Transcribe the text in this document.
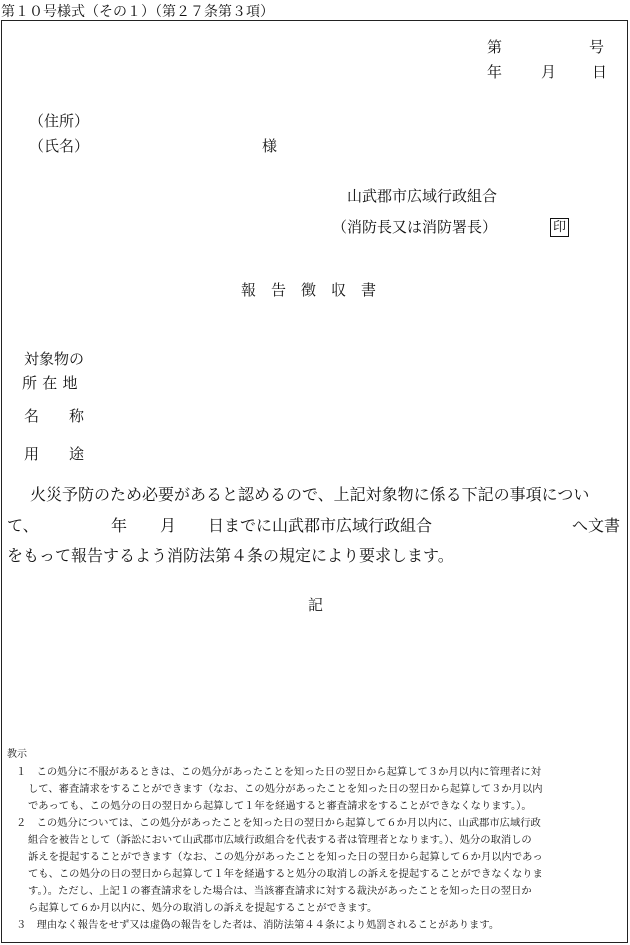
第１０号様式（その１）（第２７条第３項）
第	号
年	月 日
（住所）
（氏名）	様
山武郡市広域行政組合
（消防長又は消防署長）	印
報告徴収書
対象物の
所在地
名称
用途
火災予防のため必要があると認めるので、上記対象物に係る下記の事項につい
て、	年 月 日までに山武郡市広域行政組合	へ文書
をもって報告するよう消防法第４条の規定により要求します。
記
教示
１　この処分に不服があるときは、この処分があったことを知った日の翌日から起算して３か月以内に管理者に対
して、審査請求をすることができます（なお、この処分があったことを知った日の翌日から起算して３か月以内
であっても、この処分の日の翌日から起算して１年を経過すると審査請求をすることができなくなります。）。
２　この処分については、この処分があったことを知った日の翌日から起算して６か月以内に、山武郡市広域行政
組合を被告として（訴訟において山武郡市広域行政組合を代表する者は管理者となります。）、処分の取消しの
訴えを提起することができます（なお、この処分があったことを知った日の翌日から起算して６か月以内であっ
ても、この処分の日の翌日から起算して１年を経過すると処分の取消しの訴えを提起することができなくなりま
す。）。ただし、上記１の審査請求をした場合は、当該審査請求に対する裁決があったことを知った日の翌日か
ら起算して６か月以内に、処分の取消しの訴えを提起することができます。
３　理由なく報告をせず又は虚偽の報告をした者は、消防法第４４条により処罰されることがあります。
